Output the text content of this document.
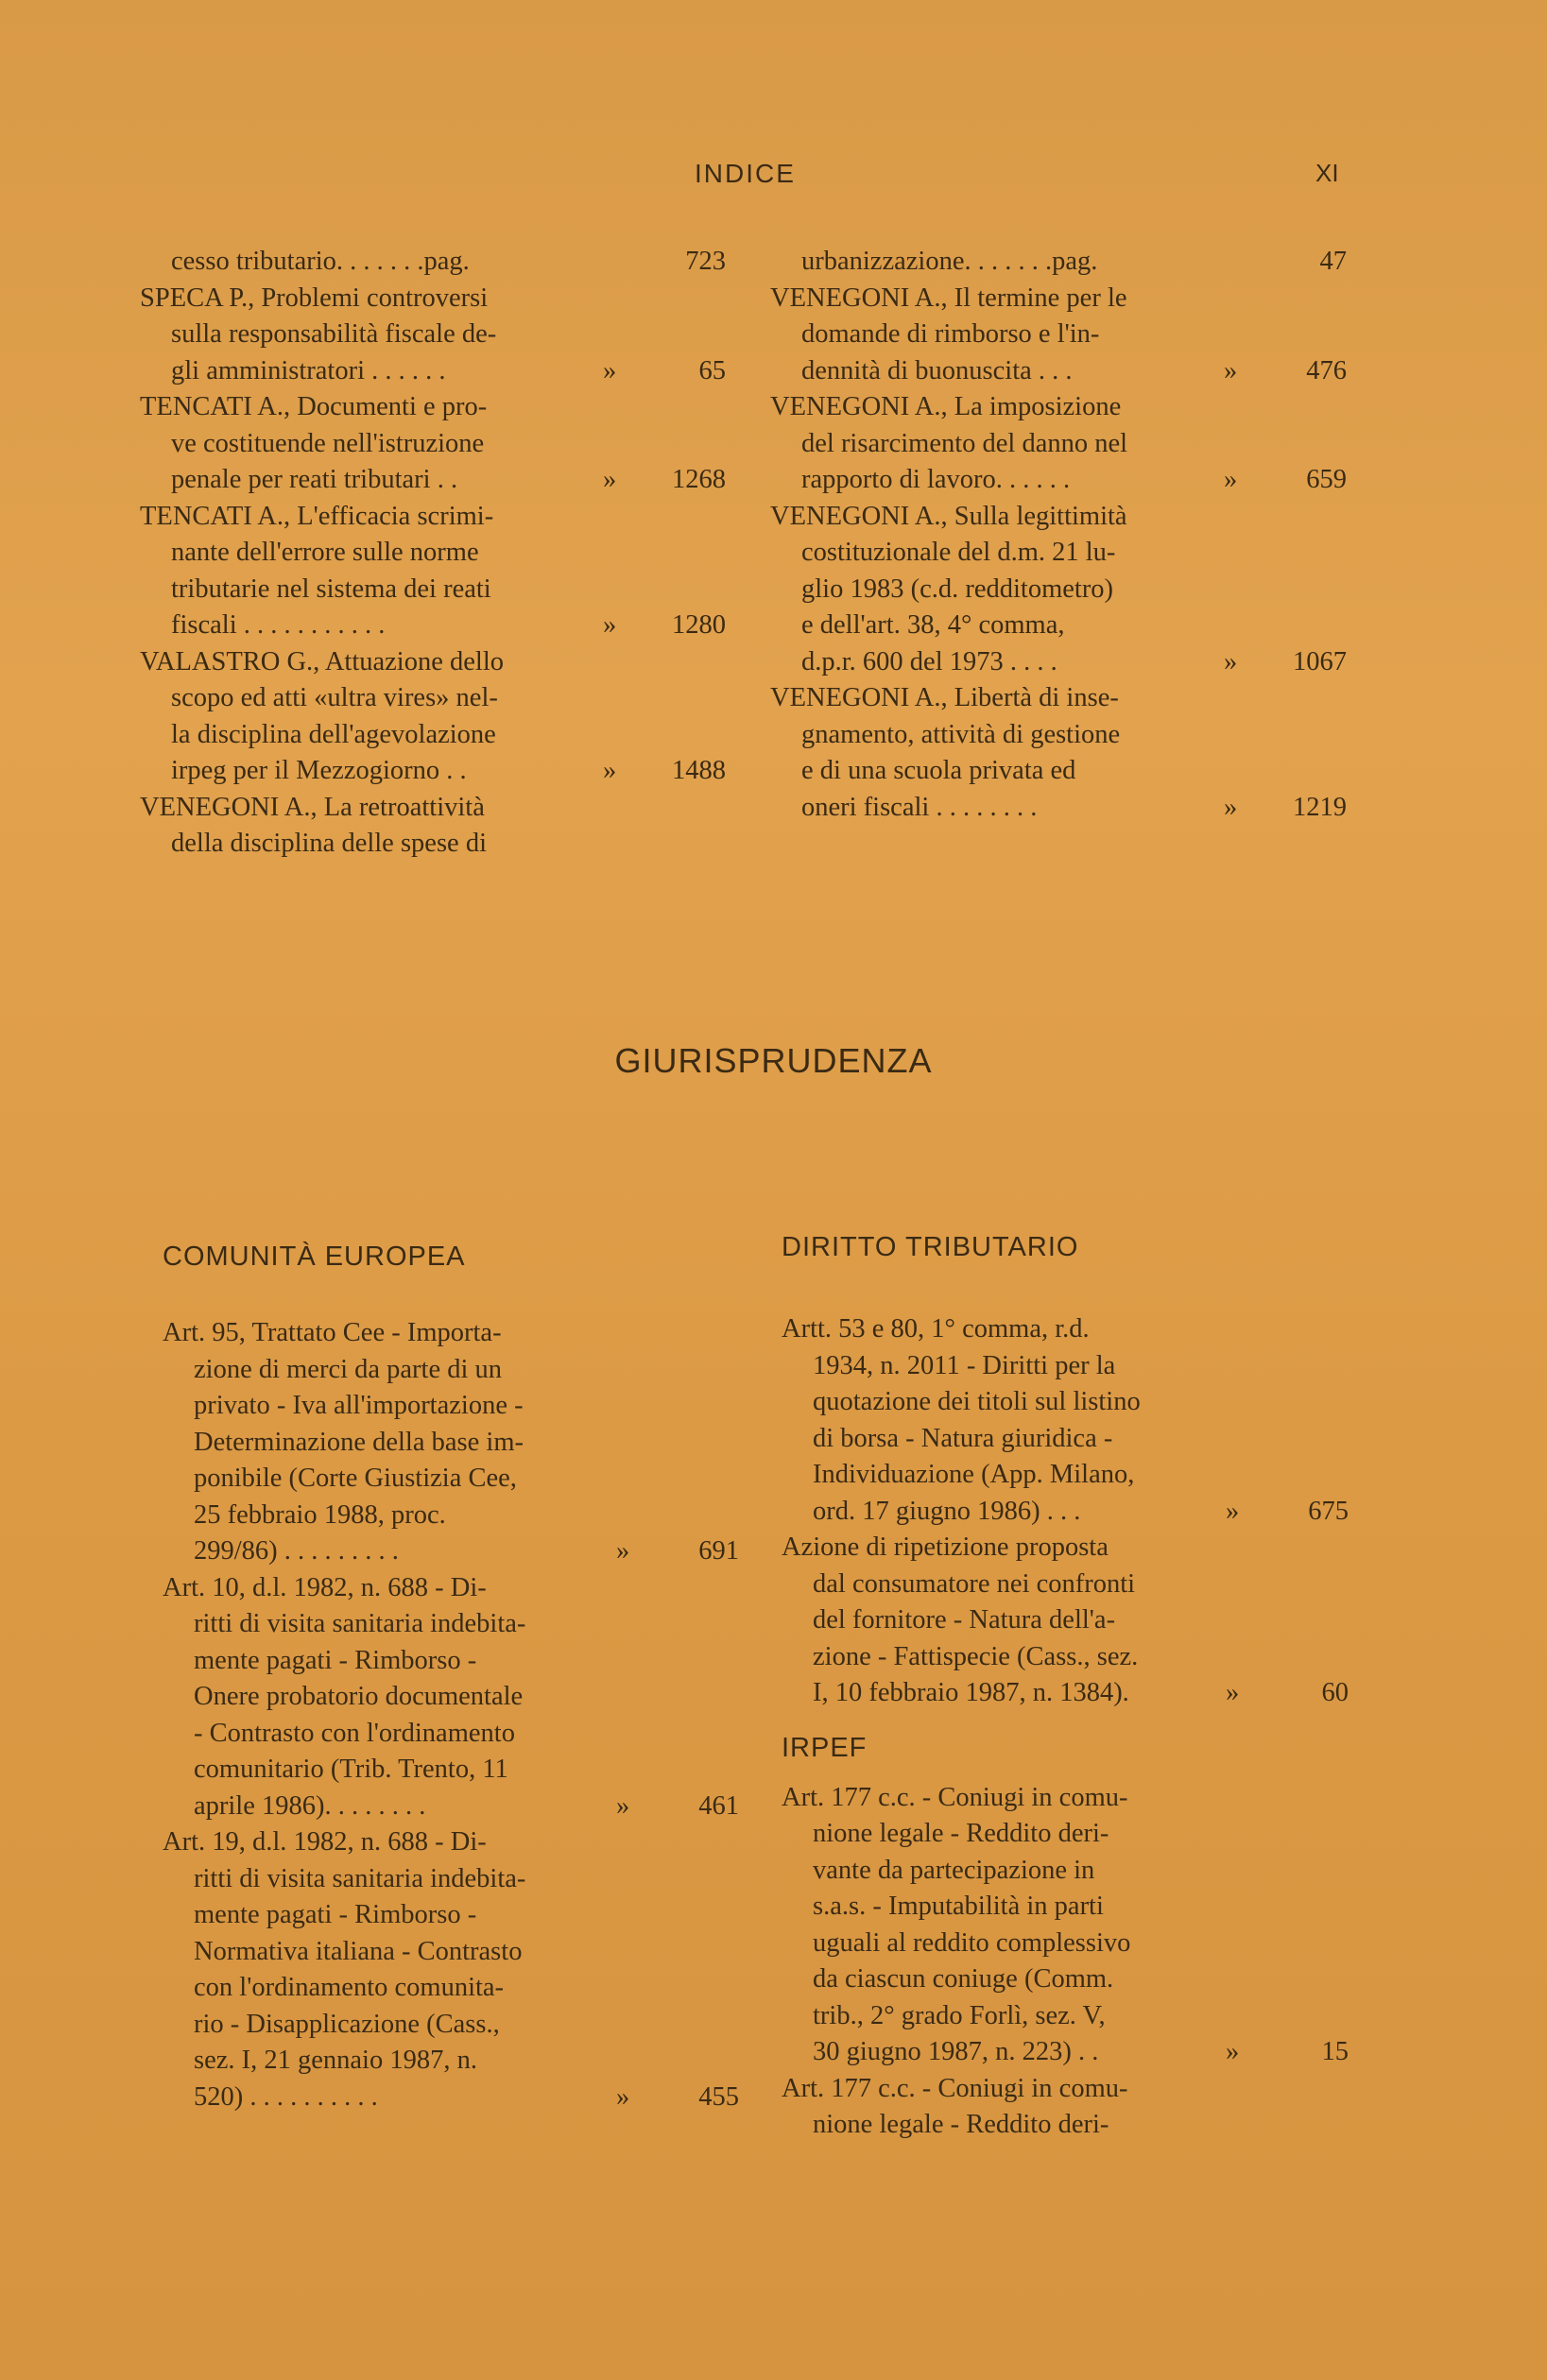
INDICE	XI
cesso tributario. . . . . . .pag.	723
SPECA P., Problemi controversi
sulla responsabilità fiscale de-
gli amministratori . . . . . .	»	65
TENCATI A., Documenti e pro-
ve costituende nell'istruzione
penale per reati tributari . .	» 1268
TENCATI A., L'efficacia scrimi-
nante dell'errore sulle norme
tributarie nel sistema dei reati
fiscali . . . . . . . . . . .	» 1280
VALASTRO G., Attuazione dello
scopo ed atti «ultra vires» nel-
la disciplina dell'agevolazione
irpeg per il Mezzogiorno . .	» 1488
VENEGONI A., La retroattività
della disciplina delle spese di
urbanizzazione. . . . . . .pag.	47
VENEGONI A., Il termine per le
domande di rimborso e l'in-
dennità di buonuscita . . .	»	476
VENEGONI A., La imposizione
del risarcimento del danno nel
rapporto di lavoro. . . . . .	»	659
VENEGONI A., Sulla legittimità
costituzionale del d.m. 21 lu-
glio 1983 (c.d. redditometro)
e dell'art. 38, 4° comma,
d.p.r. 600 del 1973 . . . .	» 1067
VENEGONI A., Libertà di inse-
gnamento, attività di gestione
e di una scuola privata ed
oneri fiscali . . . . . . . .	» 1219
GIURISPRUDENZA
COMUNITÀ EUROPEA
Art. 95, Trattato Cee - Importa-
zione di merci da parte di un
privato - Iva all'importazione -
Determinazione della base im-
ponibile (Corte Giustizia Cee,
25 febbraio 1988, proc.
299/86) . . . . . . . . .	»	691
Art. 10, d.l. 1982, n. 688 - Di-
ritti di visita sanitaria indebita-
mente pagati - Rimborso -
Onere probatorio documentale
- Contrasto con l'ordinamento
comunitario (Trib. Trento, 11
aprile 1986). . . . . . . .	»	461
Art. 19, d.l. 1982, n. 688 - Di-
ritti di visita sanitaria indebita-
mente pagati - Rimborso -
Normativa italiana - Contrasto
con l'ordinamento comunita-
rio - Disapplicazione (Cass.,
sez. I, 21 gennaio 1987, n.
520) . . . . . . . . . .	»	455
DIRITTO TRIBUTARIO
Artt. 53 e 80, 1° comma, r.d.
1934, n. 2011 - Diritti per la
quotazione dei titoli sul listino
di borsa - Natura giuridica -
Individuazione (App. Milano,
ord. 17 giugno 1986) . . .	»	675
Azione di ripetizione proposta
dal consumatore nei confronti
del fornitore - Natura dell'a-
zione - Fattispecie (Cass., sez.
I, 10 febbraio 1987, n. 1384).	»	60
IRPEF
Art. 177 c.c. - Coniugi in comu-
nione legale - Reddito deri-
vante da partecipazione in
s.a.s. - Imputabilità in parti
uguali al reddito complessivo
da ciascun coniuge (Comm.
trib., 2° grado Forlì, sez. V,
30 giugno 1987, n. 223) . .	»	15
Art. 177 c.c. - Coniugi in comu-
nione legale - Reddito deri-
